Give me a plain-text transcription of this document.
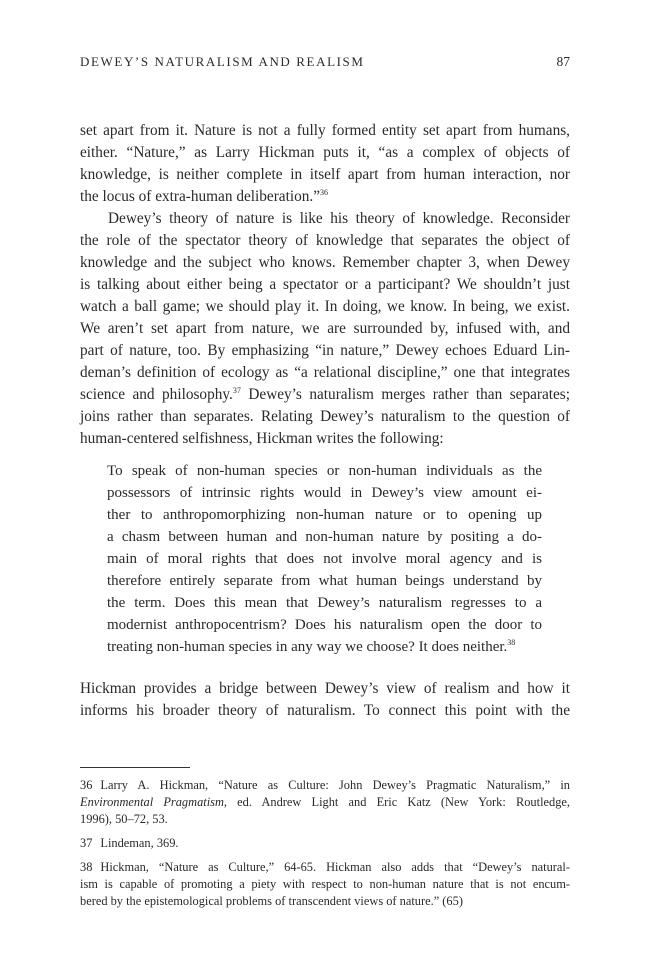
DEWEY’S NATURALISM AND REALISM	87
set apart from it. Nature is not a fully formed entity set apart from humans,
either. “Nature,” as Larry Hickman puts it, “as a complex of objects of
knowledge, is neither complete in itself apart from human interaction, nor
the locus of extra-human deliberation.”$^{36}$
Dewey’s theory of nature is like his theory of knowledge. Reconsider
the role of the spectator theory of knowledge that separates the object of
knowledge and the subject who knows. Remember chapter 3, when Dewey
is talking about either being a spectator or a participant? We shouldn’t just
watch a ball game; we should play it. In doing, we know. In being, we exist.
We aren’t set apart from nature, we are surrounded by, infused with, and
part of nature, too. By emphasizing “in nature,” Dewey echoes Eduard Lin-
deman’s definition of ecology as “a relational discipline,” one that integrates
science and philosophy.$^{37}$ Dewey’s naturalism merges rather than separates;
joins rather than separates. Relating Dewey’s naturalism to the question of
human-centered selfishness, Hickman writes the following:
To speak of non-human species or non-human individuals as the
possessors of intrinsic rights would in Dewey’s view amount ei-
ther to anthropomorphizing non-human nature or to opening up
a chasm between human and non-human nature by positing a do-
main of moral rights that does not involve moral agency and is
therefore entirely separate from what human beings understand by
the term. Does this mean that Dewey’s naturalism regresses to a
modernist anthropocentrism? Does his naturalism open the door to
treating non-human species in any way we choose? It does neither.$^{38}$
Hickman provides a bridge between Dewey’s view of realism and how it
informs his broader theory of naturalism. To connect this point with the
36 Larry A. Hickman, “Nature as Culture: John Dewey’s Pragmatic Naturalism,” in
Environmental Pragmatism, ed. Andrew Light and Eric Katz (New York: Routledge,
1996), 50–72, 53.
37 Lindeman, 369.
38 Hickman, “Nature as Culture,” 64-65. Hickman also adds that “Dewey’s natural-
ism is capable of promoting a piety with respect to non-human nature that is not encum-
bered by the epistemological problems of transcendent views of nature.” (65)
